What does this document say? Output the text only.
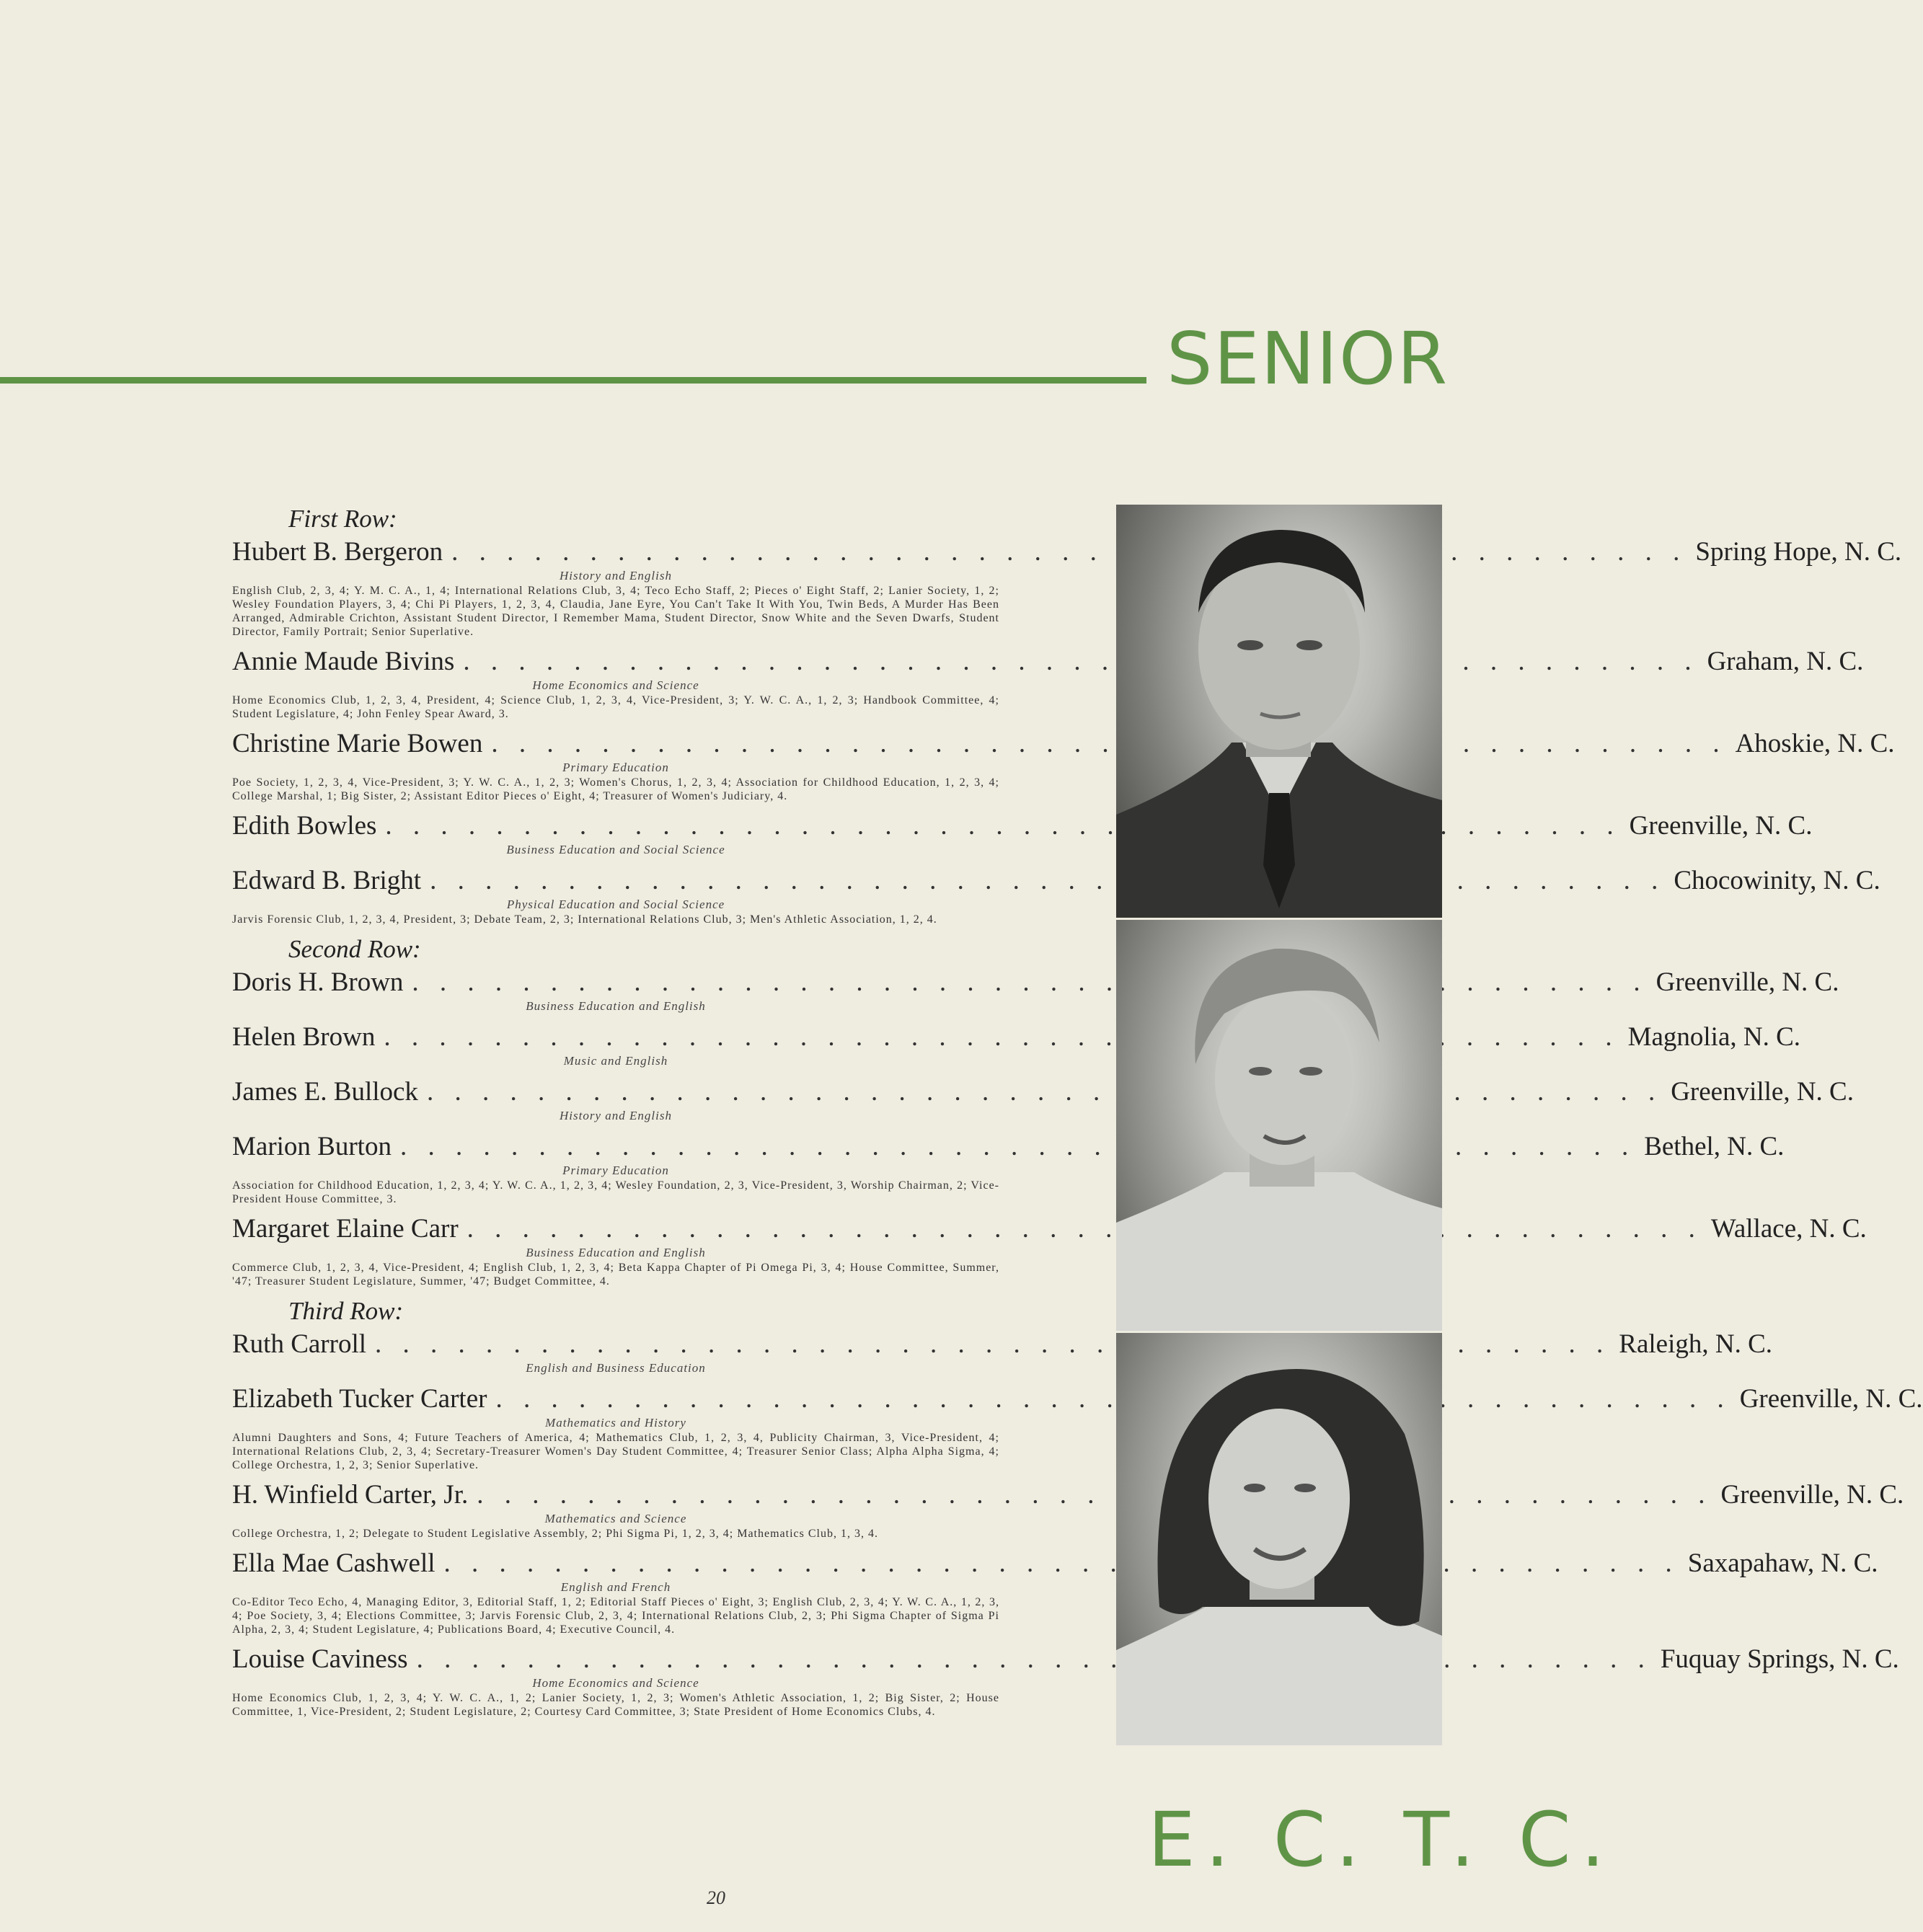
SENIOR
First Row:
Hubert B. Bergeron . . .	Spring Hope, N. C.
History and English
English Club, 2, 3, 4; Y. M. C. A., 1, 4; International Relations Club, 3, 4; Teco Echo Staff, 2; Pieces o' Eight Staff, 2; Lanier Society, 1, 2; Wesley Foundation Players, 3, 4; Chi Pi Players, 1, 2, 3, 4, Claudia, Jane Eyre, You Can't Take It With You, Twin Beds, A Murder Has Been Arranged, Admirable Crichton, Assistant Student Director, I Remember Mama, Student Director, Snow White and the Seven Dwarfs, Student Director, Family Portrait; Senior Superlative.
Annie Maude Bivins . . .	Graham, N. C.
Home Economics and Science
Home Economics Club, 1, 2, 3, 4, President, 4; Science Club, 1, 2, 3, 4, Vice-President, 3; Y. W. C. A., 1, 2, 3; Handbook Committee, 4; Student Legislature, 4; John Fenley Spear Award, 3.
Christine Marie Bowen . . .	Ahoskie, N. C.
Primary Education
Poe Society, 1, 2, 3, 4, Vice-President, 3; Y. W. C. A., 1, 2, 3; Women's Chorus, 1, 2, 3, 4; Association for Childhood Education, 1, 2, 3, 4; College Marshal, 1; Big Sister, 2; Assistant Editor Pieces o' Eight, 4; Treasurer of Women's Judiciary, 4.
Edith Bowles . . .	Greenville, N. C.
Business Education and Social Science
Edward B. Bright . . .	Chocowinity, N. C.
Physical Education and Social Science
Jarvis Forensic Club, 1, 2, 3, 4, President, 3; Debate Team, 2, 3; International Relations Club, 3; Men's Athletic Association, 1, 2, 4.
Second Row:
Doris H. Brown . . .	Greenville, N. C.
Business Education and English
Helen Brown . . .	Magnolia, N. C.
Music and English
James E. Bullock . . .	Greenville, N. C.
History and English
Marion Burton . . .	Bethel, N. C.
Primary Education
Association for Childhood Education, 1, 2, 3, 4; Y. W. C. A., 1, 2, 3, 4; Wesley Foundation, 2, 3, Vice-President, 3, Worship Chairman, 2; Vice-President House Committee, 3.
Margaret Elaine Carr . . .	Wallace, N. C.
Business Education and English
Commerce Club, 1, 2, 3, 4, Vice-President, 4; English Club, 1, 2, 3, 4; Beta Kappa Chapter of Pi Omega Pi, 3, 4; House Committee, Summer, '47; Treasurer Student Legislature, Summer, '47; Budget Committee, 4.
Third Row:
Ruth Carroll . . .	Raleigh, N. C.
English and Business Education
Elizabeth Tucker Carter . . .	Greenville, N. C.
Mathematics and History
Alumni Daughters and Sons, 4; Future Teachers of America, 4; Mathematics Club, 1, 2, 3, 4, Publicity Chairman, 3, Vice-President, 4; International Relations Club, 2, 3, 4; Secretary-Treasurer Women's Day Student Committee, 4; Treasurer Senior Class; Alpha Alpha Sigma, 4; College Orchestra, 1, 2, 3; Senior Superlative.
H. Winfield Carter, Jr. . . .	Greenville, N. C.
Mathematics and Science
College Orchestra, 1, 2; Delegate to Student Legislative Assembly, 2; Phi Sigma Pi, 1, 2, 3, 4; Mathematics Club, 1, 3, 4.
Ella Mae Cashwell . . .	Saxapahaw, N. C.
English and French
Co-Editor Teco Echo, 4, Managing Editor, 3, Editorial Staff, 1, 2; Editorial Staff Pieces o' Eight, 3; English Club, 2, 3, 4; Y. W. C. A., 1, 2, 3, 4; Poe Society, 3, 4; Elections Committee, 3; Jarvis Forensic Club, 2, 3, 4; International Relations Club, 2, 3; Phi Sigma Chapter of Sigma Pi Alpha, 2, 3, 4; Student Legislature, 4; Publications Board, 4; Executive Council, 4.
Louise Caviness . . .	Fuquay Springs, N. C.
Home Economics and Science
Home Economics Club, 1, 2, 3, 4; Y. W. C. A., 1, 2; Lanier Society, 1, 2, 3; Women's Athletic Association, 1, 2; Big Sister, 2; House Committee, 1, Vice-President, 2; Student Legislature, 2; Courtesy Card Committee, 3; State President of Home Economics Clubs, 4.
E. C. T. C.
20
